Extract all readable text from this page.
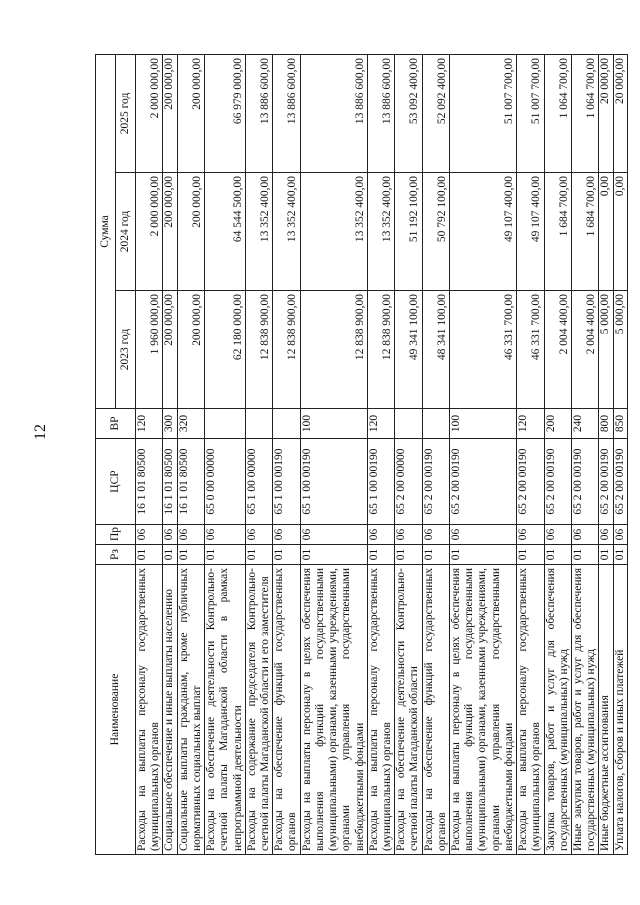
12
Наименование	Рз	Пр	ЦСР	ВР	Сумма		
					2023 год	2024 год	2025 год
Расходы на выплаты персоналу государственных (муниципальных) органов	01	06	16 1 01 80500	120	1 960 000,00	2 000 000,00	2 000 000,00
Социальное обеспечение и иные выплаты населению	01	06	16 1 01 80500	300	200 000,00	200 000,00	200 000,00
Социальные выплаты гражданам, кроме публичных нормативных социальных выплат	01	06	16 1 01 80500	320	200 000,00	200 000,00	200 000,00
Расходы на обеспечение деятельности Контрольно-счетной палаты Магаданской области в рамках непрограммной деятельности	01	06	65 0 00 00000		62 180 000,00	64 544 500,00	66 979 000,00
Расходы на содержание председателя Контрольно-счетной палаты Магаданской области и его заместителя	01	06	65 1 00 00000		12 838 900,00	13 352 400,00	13 886 600,00
Расходы на обеспечение функций государственных органов	01	06	65 1 00 00190		12 838 900,00	13 352 400,00	13 886 600,00
Расходы на выплаты персоналу в целях обеспечения выполнения функций государственными (муниципальными) органами, казенными учреждениями, органами управления государственными внебюджетными фондами	01	06	65 1 00 00190	100	12 838 900,00	13 352 400,00	13 886 600,00
Расходы на выплаты персоналу государственных (муниципальных) органов	01	06	65 1 00 00190	120	12 838 900,00	13 352 400,00	13 886 600,00
Расходы на обеспечение деятельности Контрольно-счетной палаты Магаданской области	01	06	65 2 00 00000		49 341 100,00	51 192 100,00	53 092 400,00
Расходы на обеспечение функций государственных органов	01	06	65 2 00 00190		48 341 100,00	50 792 100,00	52 092 400,00
Расходы на выплаты персоналу в целях обеспечения выполнения функций государственными (муниципальными) органами, казенными учреждениями, органами управления государственными внебюджетными фондами	01	06	65 2 00 00190	100	46 331 700,00	49 107 400,00	51 007 700,00
Расходы на выплаты персоналу государственных (муниципальных) органов	01	06	65 2 00 00190	120	46 331 700,00	49 107 400,00	51 007 700,00
Закупка товаров, работ и услуг для обеспечения государственных (муниципальных) нужд	01	06	65 2 00 00190	200	2 004 400,00	1 684 700,00	1 064 700,00
Иные закупки товаров, работ и услуг для обеспечения государственных (муниципальных) нужд	01	06	65 2 00 00190	240	2 004 400,00	1 684 700,00	1 064 700,00
Иные бюджетные ассигнования	01	06	65 2 00 00190	800	5 000,00	0,00	20 000,00
Уплата налогов, сборов и иных платежей	01	06	65 2 00 00190	850	5 000,00	0,00	20 000,00
